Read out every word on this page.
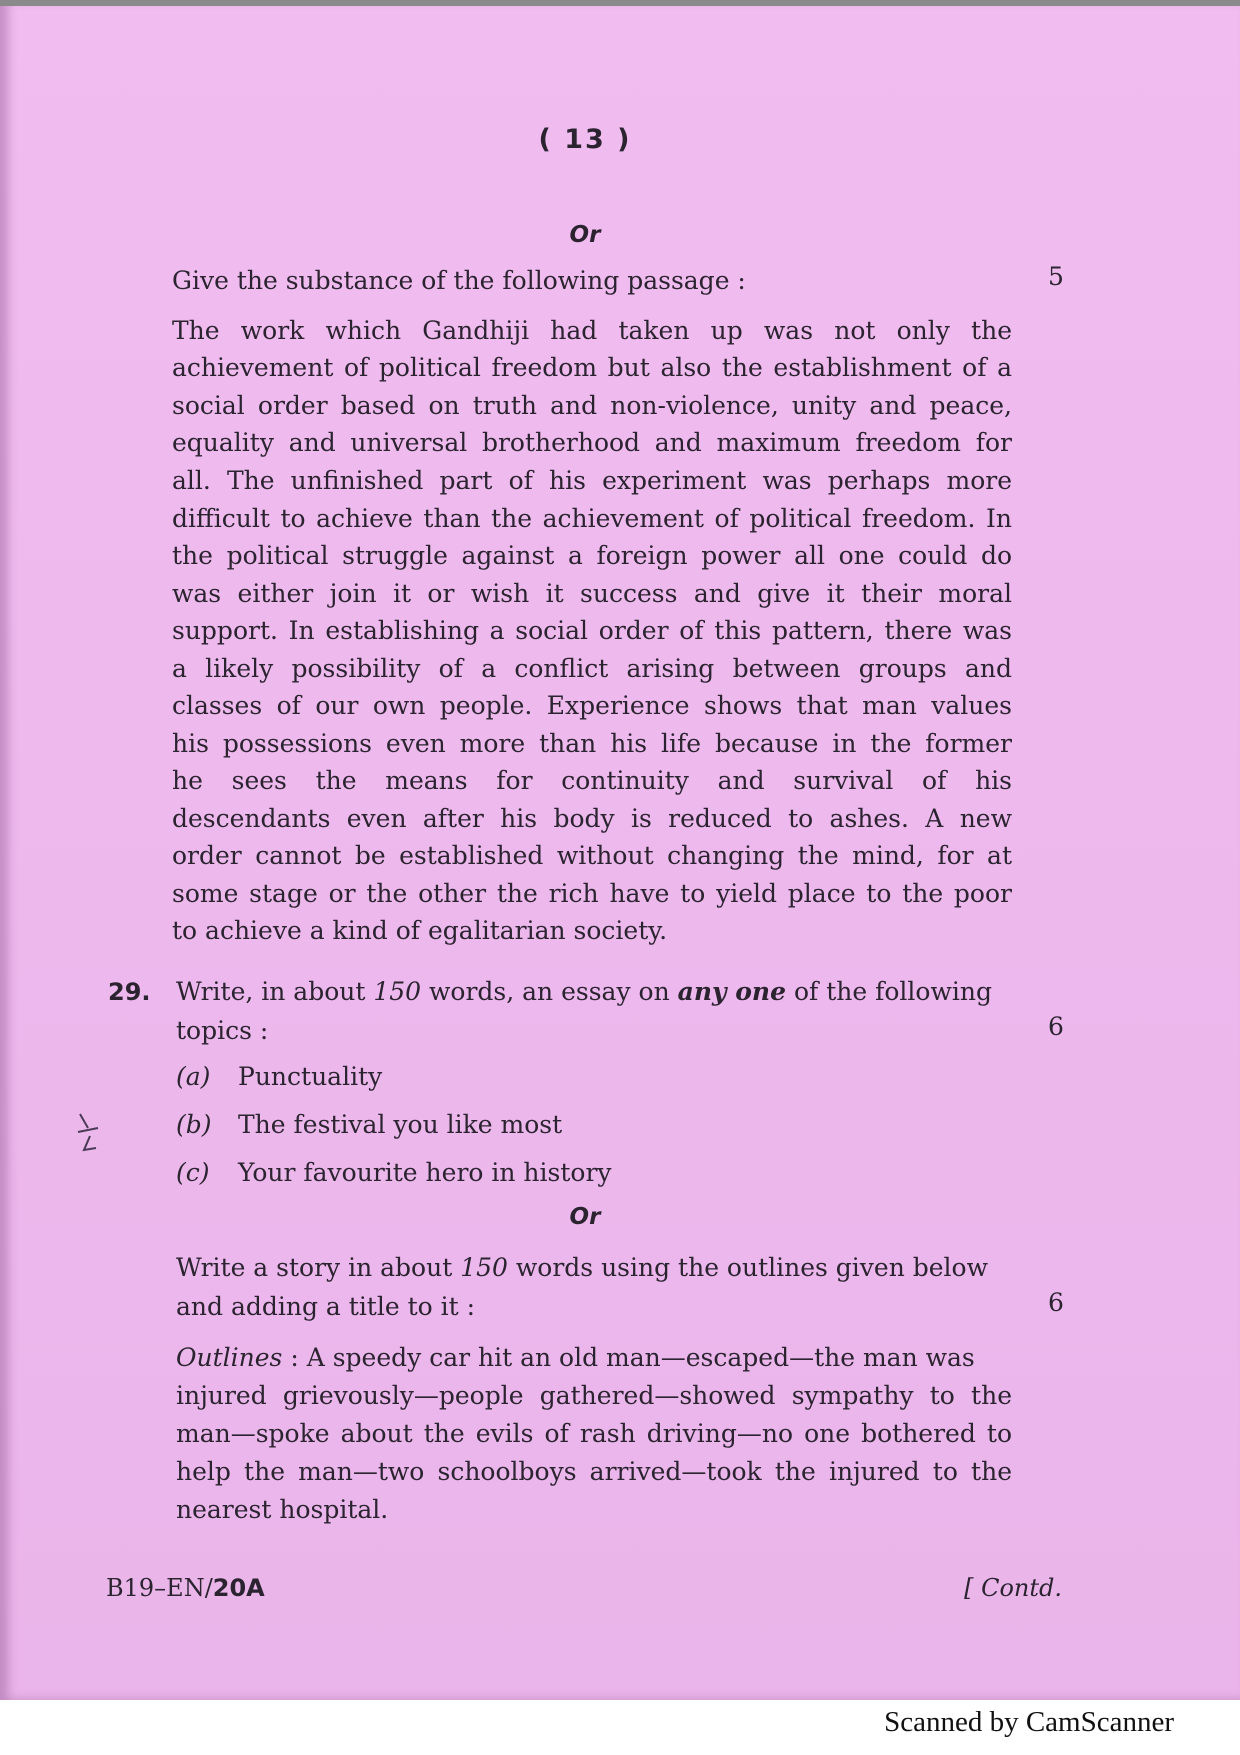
( 13 )
Or
Give the substance of the following passage :	5
The work which Gandhiji had taken up was not only the
achievement of political freedom but also the establishment of a
social order based on truth and non-violence, unity and peace,
equality and universal brotherhood and maximum freedom for
all. The unfinished part of his experiment was perhaps more
difficult to achieve than the achievement of political freedom. In
the political struggle against a foreign power all one could do
was either join it or wish it success and give it their moral
support. In establishing a social order of this pattern, there was
a likely possibility of a conflict arising between groups and
classes of our own people. Experience shows that man values
his possessions even more than his life because in the former
he sees the means for continuity and survival of his
descendants even after his body is reduced to ashes. A new
order cannot be established without changing the mind, for at
some stage or the other the rich have to yield place to the poor
to achieve a kind of egalitarian society.
29. Write, in about 150 words, an essay on any one of the following
topics :	6
(a) Punctuality
(b) The festival you like most
(c) Your favourite hero in history
Or
Write a story in about 150 words using the outlines given below
and adding a title to it :	6
Outlines : A speedy car hit an old man—escaped—the man was
injured grievously—people gathered—showed sympathy to the
man—spoke about the evils of rash driving—no one bothered to
help the man—two schoolboys arrived—took the injured to the
nearest hospital.
B19–EN/20A	[ Contd.
Scanned by CamScanner
